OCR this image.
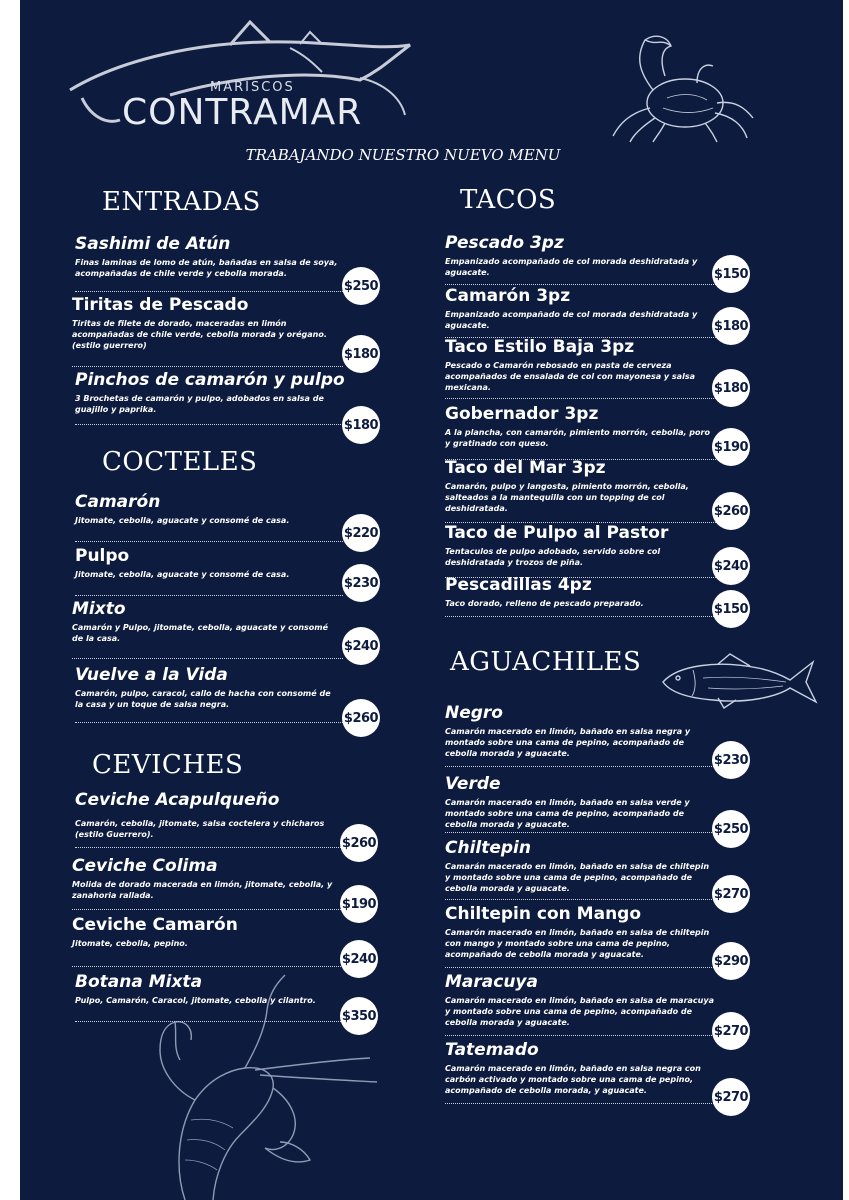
MARISCOS
CONTRAMAR
TRABAJANDO NUESTRO NUEVO MENU
ENTRADAS
Sashimi de Atún
Finas laminas de lomo de atún, bañadas en salsa de soya, acompañadas de chile verde y cebolla morada.
$250
Tiritas de Pescado
Tiritas de filete de dorado, maceradas en limón acompañadas de chile verde, cebolla morada y orégano. (estilo guerrero)
$180
Pinchos de camarón y pulpo
3 Brochetas de camarón y pulpo, adobados en salsa de guajillo y paprika.
$180
COCTELES
Camarón
Jitomate, cebolla, aguacate y consomé de casa.
$220
Pulpo
Jitomate, cebolla, aguacate y consomé de casa.
$230
Mixto
Camarón y Pulpo, jitomate, cebolla, aguacate y consomé de la casa.	$240
Vuelve a la Vida
Camarón, pulpo, caracol, callo de hacha con consomé de la casa y un toque de salsa negra.
$260
CEVICHES
Ceviche Acapulqueño
Camarón, cebolla, jitomate, salsa coctelera y chicharos (estilo Guerrero).
$260
Ceviche Colima
Molida de dorado macerada en limón, jitomate, cebolla, y zanahoria rallada.
$190
Ceviche Camarón
Jitomate, cebolla, pepino.
$240
Botana Mixta
Pulpo, Camarón, Caracol, jitomate, cebolla y cilantro.
$350
TACOS
Pescado 3pz
Empanizado acompañado de col morada deshidratada y aguacate.	$150
Camarón 3pz
Empanizado acompañado de col morada deshidratada y aguacate.	$180
Taco Estilo Baja 3pz
Pescado o Camarón rebosado en pasta de cerveza acompañados de ensalada de col con mayonesa y salsa mexicana.	$180
Gobernador 3pz
A la plancha, con camarón, pimiento morrón, cebolla, poro y gratinado con queso.	$190
Taco del Mar 3pz
Camarón, pulpo y langosta, pimiento morrón, cebolla, salteados a la mantequilla con un topping de col deshidratada.	$260
Taco de Pulpo al Pastor
Tentaculos de pulpo adobado, servido sobre col deshidratada y trozos de piña.	$240
Pescadillas 4pz
Taco dorado, relleno de pescado preparado.	$150
AGUACHILES
Negro
Camarón macerado en limón, bañado en salsa negra y montado sobre una cama de pepino, acompañado de cebolla morada y aguacate.	$230
Verde
Camarón macerado en limón, bañado en salsa verde y montado sobre una cama de pepino, acompañado de cebolla morada y aguacate.	$250
Chiltepin
Camarán macerado en limón, bañado en salsa de chiltepin y montado sobre una cama de pepino, acompañado de cebolla morada y aguacate.	$270
Chiltepin con Mango
Camarón macerado en limón, bañado en salsa de chiltepin con mango y montado sobre una cama de pepino, acompañado de cebolla morada y aguacate.	$290
Maracuya
Camarón macerado en limón, bañado en salsa de maracuya y montado sobre una cama de pepino, acompañado de cebolla morada y aguacate.
$270
Tatemado
Camarón macerado en limón, bañado en salsa negra con carbón activado y montado sobre una cama de pepino, acompañado de cebolla morada, y aguacate.	$270
